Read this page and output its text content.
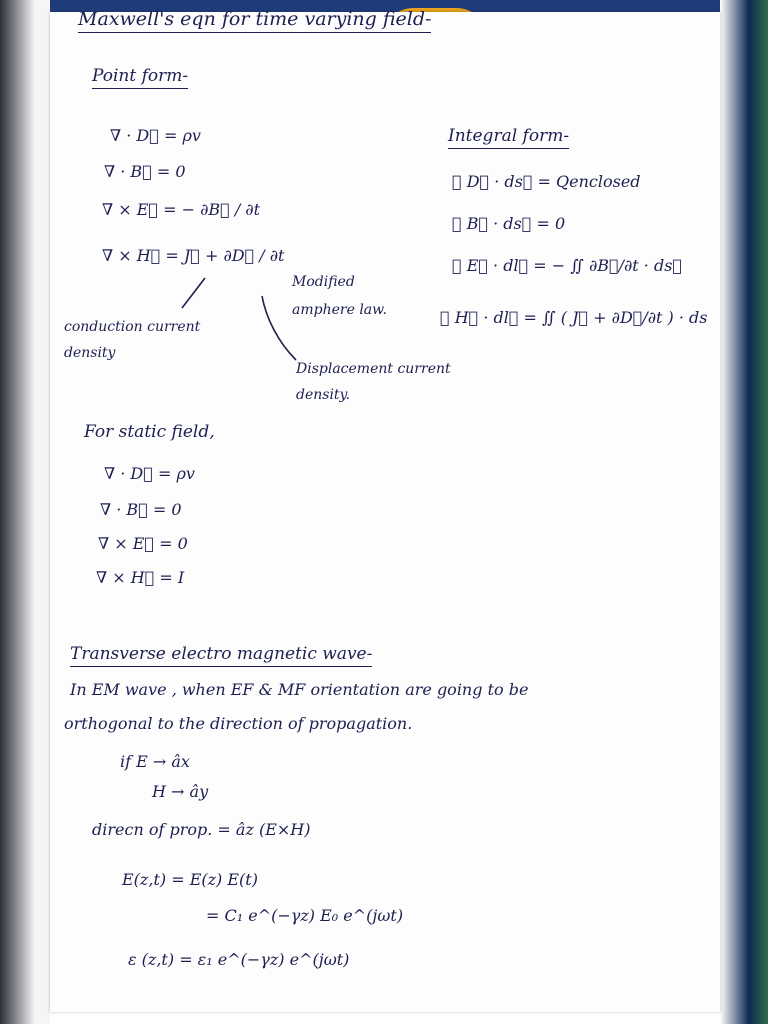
Maxwell's eqn for time varying field-
Point form-
∇ · D⃗ = ρv
∇ · B⃗ = 0
∇ × E⃗ = − ∂B⃗ / ∂t
∇ × H⃗ = J⃗ + ∂D⃗ / ∂t
Modified amphere law.
conduction current density
Displacement current density.
Integral form-
∮ D⃗ · ds⃗ = Qenclosed
∮ B⃗ · ds⃗ = 0
∮ E⃗ · dl⃗ = − ∬ ∂B⃗/∂t · ds⃗
∮ H⃗ · dl⃗ = ∬ ( J⃗ + ∂D⃗/∂t ) · ds
For static field,
∇ · D⃗ = ρv
∇ · B⃗ = 0
∇ × E⃗ = 0
∇ × H⃗ = I
Transverse electro magnetic wave-
In EM wave , when EF & MF orientation are going to be
orthogonal to the direction of propagation.
if E → âx
H → ây
direcn of prop. = âz (E×H)
E(z,t) = E(z) E(t)
= C₁ e^(−γz) E₀ e^(jωt)
ε (z,t) = ε₁ e^(−γz) e^(jωt)
